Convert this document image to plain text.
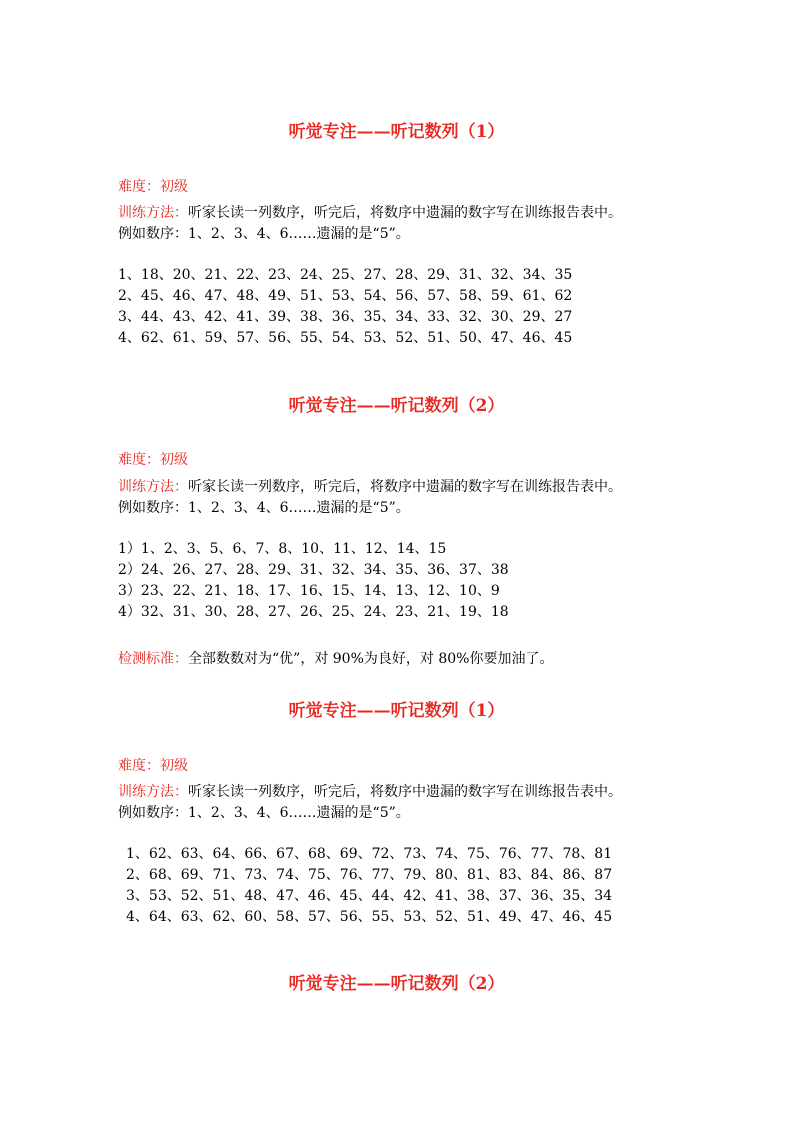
听觉专注——听记数列（1）
难度：初级
训练方法：听家长读一列数序，听完后，将数序中遗漏的数字写在训练报告表中。
例如数序：1、2、3、4、6……遗漏的是“5”。
1、18、20、21、22、23、24、25、27、28、29、31、32、34、35
2、45、46、47、48、49、51、53、54、56、57、58、59、61、62
3、44、43、42、41、39、38、36、35、34、33、32、30、29、27
4、62、61、59、57、56、55、54、53、52、51、50、47、46、45
听觉专注——听记数列（2）
难度：初级
训练方法：听家长读一列数序，听完后，将数序中遗漏的数字写在训练报告表中。
例如数序：1、2、3、4、6……遗漏的是“5”。
1）1、2、3、5、6、7、8、10、11、12、14、15
2）24、26、27、28、29、31、32、34、35、36、37、38
3）23、22、21、18、17、16、15、14、13、12、10、9
4）32、31、30、28、27、26、25、24、23、21、19、18
检测标准：全部数数对为“优”，对 90%为良好，对 80%你要加油了。
听觉专注——听记数列（1）
难度：初级
训练方法：听家长读一列数序，听完后，将数序中遗漏的数字写在训练报告表中。
例如数序：1、2、3、4、6……遗漏的是“5”。
1、62、63、64、66、67、68、69、72、73、74、75、76、77、78、81
2、68、69、71、73、74、75、76、77、79、80、81、83、84、86、87
3、53、52、51、48、47、46、45、44、42、41、38、37、36、35、34
4、64、63、62、60、58、57、56、55、53、52、51、49、47、46、45
听觉专注——听记数列（2）
